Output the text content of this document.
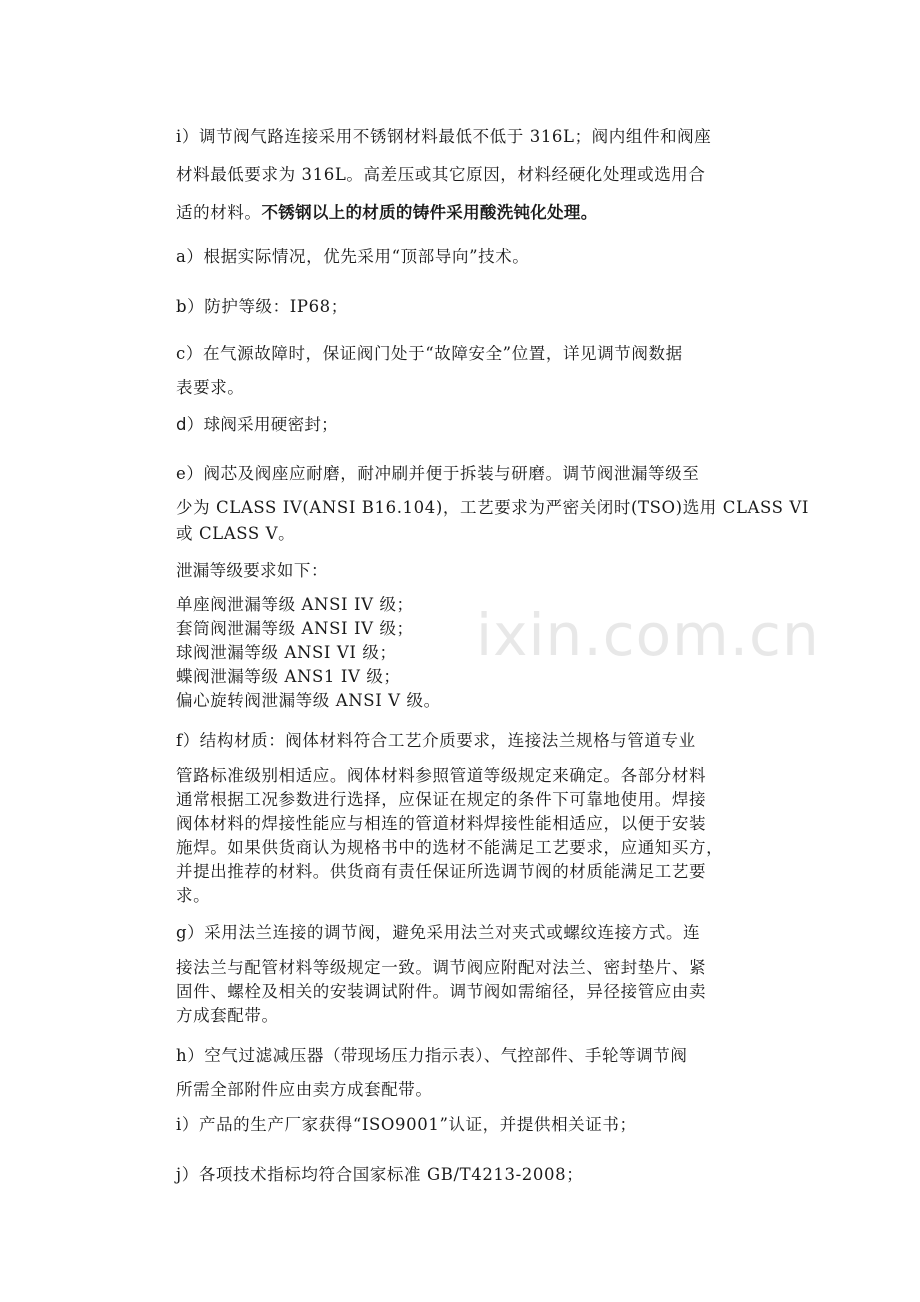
ixin.com.cn
i）调节阀气路连接采用不锈钢材料最低不低于 316L；阀内组件和阀座
材料最低要求为 316L。高差压或其它原因，材料经硬化处理或选用合
适的材料。不锈钢以上的材质的铸件采用酸洗钝化处理。
a）根据实际情况，优先采用“顶部导向”技术。
b）防护等级：IP68；
c）在气源故障时，保证阀门处于“故障安全”位置，详见调节阀数据
表要求。
d）球阀采用硬密封；
e）阀芯及阀座应耐磨，耐冲刷并便于拆装与研磨。调节阀泄漏等级至
少为 CLASS IV(ANSI B16.104)，工艺要求为严密关闭时(TSO)选用 CLASS VI
或 CLASS V。
泄漏等级要求如下：
单座阀泄漏等级 ANSI IV 级；
套筒阀泄漏等级 ANSI IV 级；
球阀泄漏等级 ANSI VI 级；
蝶阀泄漏等级 ANS1 IV 级；
偏心旋转阀泄漏等级 ANSI V 级。
f）结构材质：阀体材料符合工艺介质要求，连接法兰规格与管道专业
管路标准级别相适应。阀体材料参照管道等级规定来确定。各部分材料
通常根据工况参数进行选择，应保证在规定的条件下可靠地使用。焊接
阀体材料的焊接性能应与相连的管道材料焊接性能相适应，以便于安装
施焊。如果供货商认为规格书中的选材不能满足工艺要求，应通知买方，
并提出推荐的材料。供货商有责任保证所选调节阀的材质能满足工艺要
求。
g）采用法兰连接的调节阀，避免采用法兰对夹式或螺纹连接方式。连
接法兰与配管材料等级规定一致。调节阀应附配对法兰、密封垫片、紧
固件、螺栓及相关的安装调试附件。调节阀如需缩径，异径接管应由卖
方成套配带。
h）空气过滤减压器（带现场压力指示表）、气控部件、手轮等调节阀
所需全部附件应由卖方成套配带。
i）产品的生产厂家获得“ISO9001”认证，并提供相关证书；
j）各项技术指标均符合国家标准 GB/T4213-2008；
